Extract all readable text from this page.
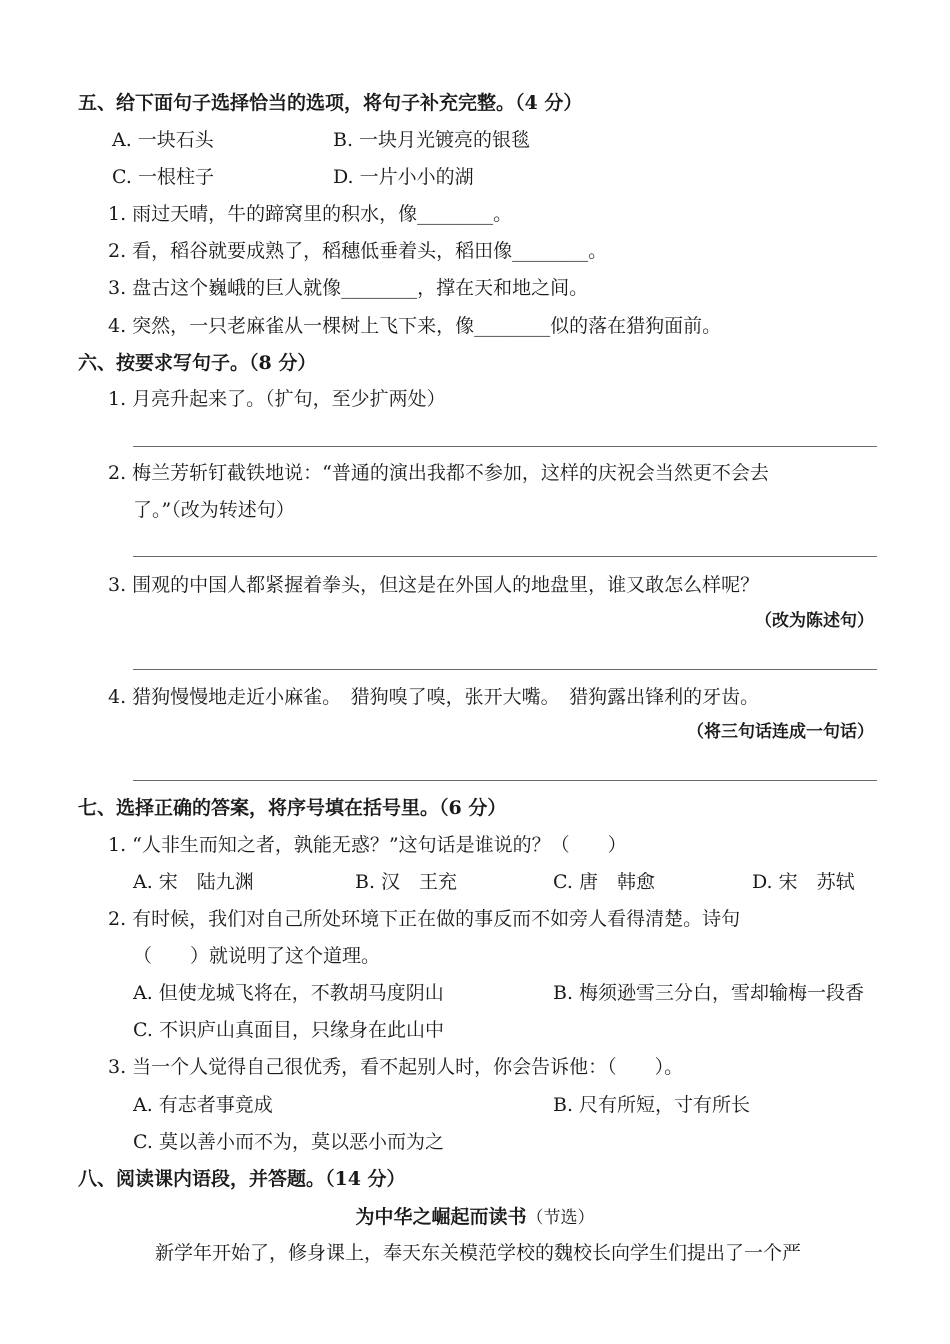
五、给下面句子选择恰当的选项，将句子补充完整。（4 分）
A. 一块石头	B. 一块月光镀亮的银毯
C. 一根柱子	D. 一片小小的湖
1. 雨过天晴，牛的蹄窝里的积水，像________。
2. 看，稻谷就要成熟了，稻穗低垂着头，稻田像________。
3. 盘古这个巍峨的巨人就像________，撑在天和地之间。
4. 突然，一只老麻雀从一棵树上飞下来，像________似的落在猎狗面前。
六、按要求写句子。（8 分）
1. 月亮升起来了。（扩句，至少扩两处）
2. 梅兰芳斩钉截铁地说：“普通的演出我都不参加，这样的庆祝会当然更不会去
了。”（改为转述句）
3. 围观的中国人都紧握着拳头，但这是在外国人的地盘里，谁又敢怎么样呢？
（改为陈述句）
4. 猎狗慢慢地走近小麻雀。　猎狗嗅了嗅，张开大嘴。　猎狗露出锋利的牙齿。
（将三句话连成一句话）
七、选择正确的答案，将序号填在括号里。（6 分）
1. “人非生而知之者，孰能无惑？”这句话是谁说的？（　　）
A. 宋　陆九渊	B. 汉　王充	C. 唐　韩愈	D. 宋　苏轼
2. 有时候，我们对自己所处环境下正在做的事反而不如旁人看得清楚。诗句
（　　）就说明了这个道理。
A. 但使龙城飞将在，不教胡马度阴山	B. 梅须逊雪三分白，雪却输梅一段香
C. 不识庐山真面目，只缘身在此山中
3. 当一个人觉得自己很优秀，看不起别人时，你会告诉他：（　　）。
A. 有志者事竟成	B. 尺有所短，寸有所长
C. 莫以善小而不为，莫以恶小而为之
八、阅读课内语段，并答题。（14 分）
为中华之崛起而读书（节选）
新学年开始了，修身课上，奉天东关模范学校的魏校长向学生们提出了一个严
